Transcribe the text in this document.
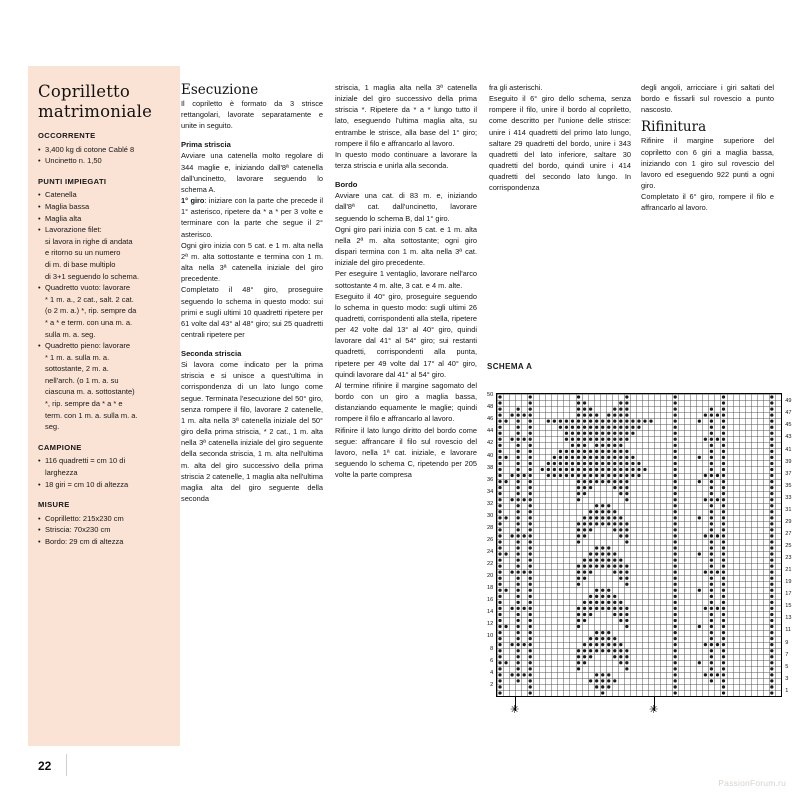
Coprilletto
matrimoniale
OCCORRENTE
• 3,400 kg di cotone Cablé 8
• Uncinetto n. 1,50
PUNTI IMPIEGATI
• Catenella
• Maglia bassa
• Maglia alta
• Lavorazione filet:
si lavora in righe di andata
e ritorno su un numero
di m. di base multiplo
di 3+1 seguendo lo schema.
• Quadretto vuoto: lavorare
* 1 m. a., 2 cat., salt. 2 cat.
(o 2 m. a.) *, rip. sempre da
* a * e term. con una m. a.
sulla m. a. seg.
• Quadretto pieno: lavorare
* 1 m. a. sulla m. a.
sottostante, 2 m. a.
nell'arch. (o 1 m. a. su
ciascuna m. a. sottostante)
*, rip. sempre da * a * e
term. con 1 m. a. sulla m. a.
seg.
CAMPIONE
• 116 quadretti = cm 10 di
larghezza
• 18 giri = cm 10 di altezza
MISURE
• Coprilletto: 215x230 cm
• Striscia: 70x230 cm
• Bordo: 29 cm di altezza

Esecuzione

Il copriletto è formato da 3 strisce rettangolari, lavorate separatamente e unite in seguito.

Prima striscia

Avviare una catenella molto regolare di 344 maglie e, iniziando dall'8ª catenella dall'uncinetto, lavorare seguendo lo schema A.

1° giro: iniziare con la parte che precede il 1° asterisco, ripetere da * a * per 3 volte e terminare con la parte che segue il 2° asterisco.

Ogni giro inizia con 5 cat. e 1 m. alta nella 2ª m. alta sottostante e termina con 1 m. alta nella 3ª catenella iniziale del giro precedente.

Completato il 48° giro, proseguire seguendo lo schema in questo modo: sui primi e sugli ultimi 10 quadretti ripetere per 61 volte dal 43° al 48° giro; sui 25 quadretti centrali ripetere per

Seconda striscia

Si lavora come indicato per la prima striscia e si unisce a quest'ultima in corrispondenza di un lato lungo come segue. Terminata l'esecuzione del 50° giro, senza rompere il filo, lavorare 2 catenelle, 1 m. alta nella 3ª catenella iniziale del 50° giro della prima striscia, * 2 cat., 1 m. alta nella 3ª catenella iniziale del giro seguente della seconda striscia, 1 m. alta nell'ultima m. alta del giro successivo della prima striscia 2 catenelle, 1 maglia alta nell'ultima maglia alta del giro seguente della seconda

striscia, 1 maglia alta nella 3ª catenella iniziale del giro successivo della prima striscia *. Ripetere da * a * lungo tutto il lato, eseguendo l'ultima maglia alta, su entrambe le strisce, alla base del 1° giro; rompere il filo e affrancarlo al lavoro.

In questo modo continuare a lavorare la terza striscia e unirla alla seconda.

Bordo

Avviare una cat. di 83 m. e, iniziando dall'8ª cat. dall'uncinetto, lavorare seguendo lo schema B, dal 1° giro.

Ogni giro pari inizia con 5 cat. e 1 m. alta nella 2ª m. alta sottostante; ogni giro dispari termina con 1 m. alta nella 3ª cat. iniziale del giro precedente.

Per eseguire 1 ventaglio, lavorare nell'arco sottostante 4 m. alte, 3 cat. e 4 m. alte.

Eseguito il 40° giro, proseguire seguendo lo schema in questo modo: sugli ultimi 26 quadretti, corrispondenti alla stella, ripetere per 42 volte dal 13° al 40° giro, quindi lavorare dal 41° al 54° giro; sui restanti quadretti, corrispondenti alla punta, ripetere per 49 volte dal 17° al 40° giro, quindi lavorare dal 41° al 54° giro.

Al termine rifinire il margine sagomato del bordo con un giro a maglia bassa, distanziando equamente le maglie; quindi rompere il filo e affrancarlo al lavoro.

Rifinire il lato lungo diritto del bordo come segue: affrancare il filo sul rovescio del lavoro, nella 1ª cat. iniziale, e lavorare seguendo lo schema C, ripetendo per 205 volte la parte compresa

fra gli asterischi.

Eseguito il 6° giro dello schema, senza rompere il filo, unire il bordo al copriletto, come descritto per l'unione delle strisce: unire i 414 quadretti del primo lato lungo, saltare 29 quadretti del bordo, unire i 343 quadretti del lato inferiore, saltare 30 quadretti del bordo, quindi unire i 414 quadretti del secondo lato lungo. In corrispondenza

degli angoli, arricciare i giri saltati del bordo e fissarli sul rovescio a punto nascosto.

Rifinitura

Rifinire il margine superiore del copriletto con 6 giri a maglia bassa, iniziando con 1 giro sul rovescio del lavoro ed eseguendo 922 punti a ogni giro.

Completato il 6° giro, rompere il filo e affrancarlo al lavoro.

SCHEMA A
50
48
46
44
42
40
38
36
34
32
30
28
26
24
22
20
18
16
14
12
10
8
6
4
2
49
47
45
43
41
39
37
35
33
31
29
27
25
23
21
19
17
15
13
11
9
7
5
3
1
✳
✳
22
PassionForum.ru
